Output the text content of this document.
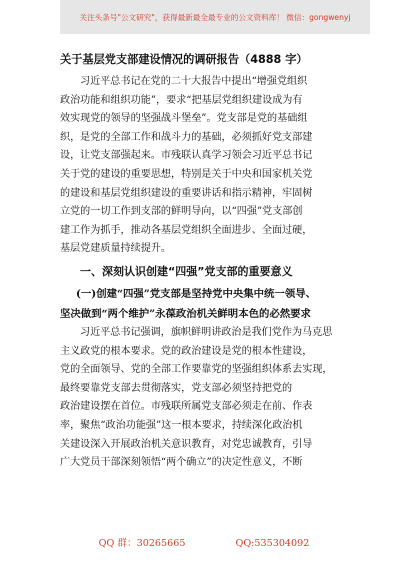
关注头条号"公文研究"，获得最新最全最专业的公文资料库！ 微信：gongwenyj
关于基层党支部建设情况的调研报告（4888 字）

习近平总书记在党的二十大报告中提出“增强党组织

政治功能和组织功能”，要求“把基层党组织建设成为有

效实现党的领导的坚强战斗堡垒”。党支部是党的基础组

织，是党的全部工作和战斗力的基础，必须抓好党支部建

设，让党支部强起来。市残联认真学习领会习近平总书记

关于党的建设的重要思想，特别是关于中央和国家机关党

的建设和基层党组织建设的重要讲话和指示精神，牢固树

立党的一切工作到支部的鲜明导向，以“四强”党支部创

建工作为抓手，推动各基层党组织全面进步、全面过硬，

基层党建质量持续提升。

一、深刻认识创建“四强”党支部的重要意义

(一)创建“四强”党支部是坚持党中央集中统一领导、

坚决做到“两个维护”永葆政治机关鲜明本色的必然要求

习近平总书记强调，旗帜鲜明讲政治是我们党作为马克思

主义政党的根本要求。党的政治建设是党的根本性建设，

党的全面领导、党的全部工作要靠党的坚强组织体系去实现，

最终要靠党支部去贯彻落实，党支部必须坚持把党的

政治建设摆在首位。市残联所属党支部必须走在前、作表

率，聚焦“政治功能强”这一根本要求，持续深化政治机

关建设深入开展政治机关意识教育，对党忠诚教育，引导

广大党员干部深刻领悟“两个确立”的决定性意义，不断

QQ 群：30265665	QQ:535304092
